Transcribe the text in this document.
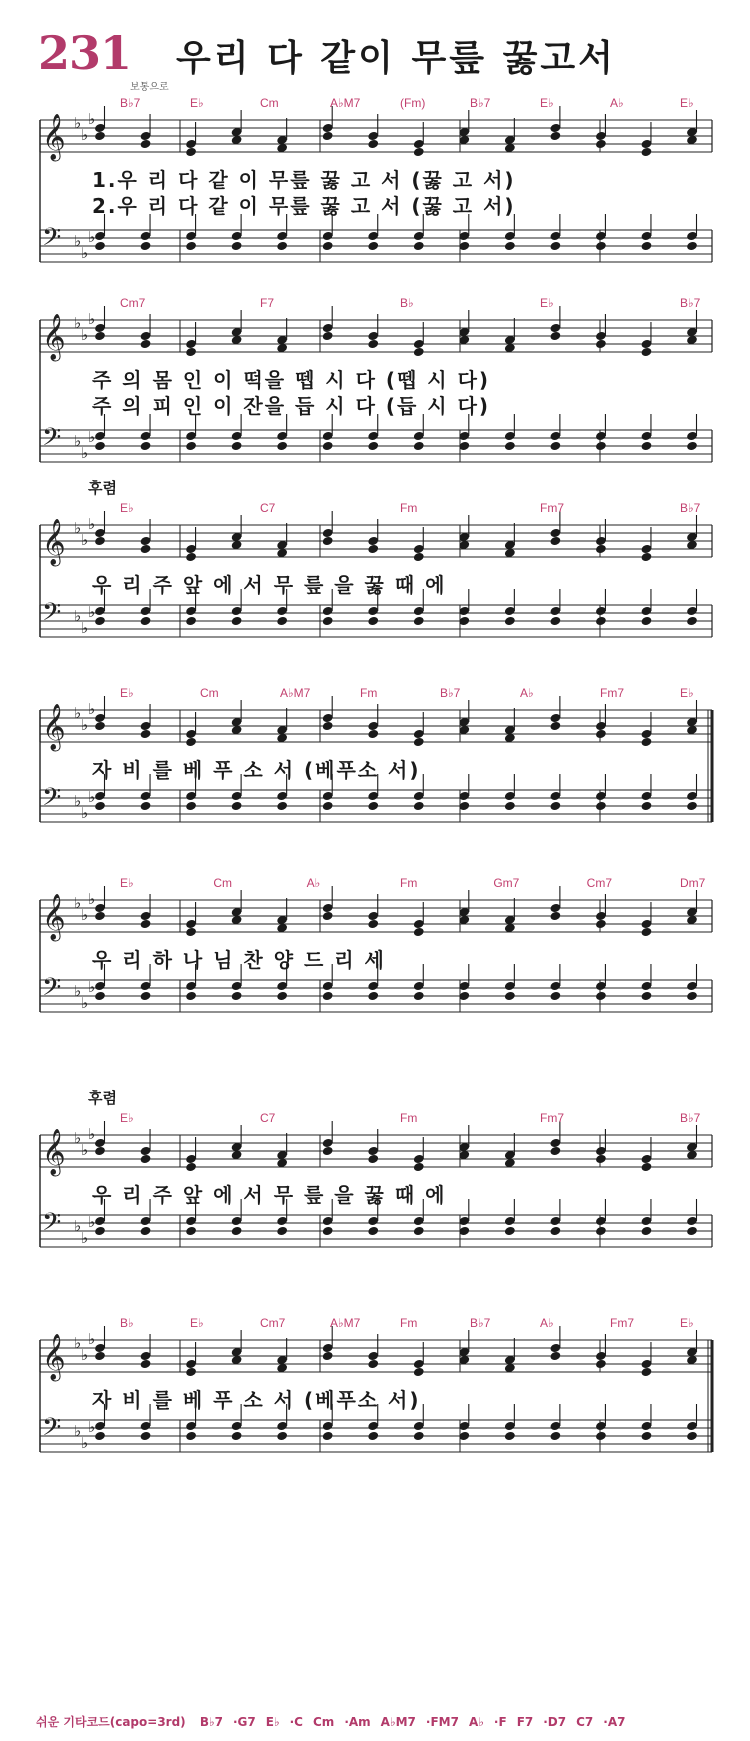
231 우리 다 같이 무릎 꿇고서
보통으로
𝄞 ♭
♭
♭
𝄢 ♭
♭
♭
B♭7	E♭	Cm	A♭M7	(Fm)	B♭7	E♭	A♭	E♭
1.우 리 다 같 이 무릎 꿇 고 서 (꿇 고 서)
2.우 리 다 같 이 무릎 꿇 고 서 (꿇 고 서)
𝄞 ♭
♭
♭
𝄢 ♭
♭
♭
Cm7	F7	B♭	E♭	B♭7
주 의 몸 인 이 떡을 뗍 시 다 (뗍 시 다)
주 의 피 인 이 잔을 듭 시 다 (듭 시 다)
𝄞 ♭
♭
♭
𝄢 ♭
♭
♭
E♭	C7	Fm	Fm7	B♭7
후렴
우 리 주 앞 에 서 무 릎 을 꿇 때 에
𝄞 ♭
♭
♭
𝄢 ♭
♭
♭
E♭	Cm	A♭M7	Fm	B♭7	A♭	Fm7	E♭
자 비 를 베 푸 소 서 (베푸소 서)
𝄞 ♭
♭
♭
𝄢 ♭
♭
♭
E♭	Cm	A♭	Fm	Gm7	Cm7	Dm7
우 리 하 나 님 찬 양 드 리 세
𝄞 ♭
♭
♭
𝄢 ♭
♭
♭
E♭	C7	Fm	Fm7	B♭7
후렴
우 리 주 앞 에 서 무 릎 을 꿇 때 에
𝄞 ♭
♭
♭
𝄢 ♭
♭
♭
B♭	E♭	Cm7	A♭M7	Fm	B♭7	A♭	Fm7	E♭
자 비 를 베 푸 소 서 (베푸소 서)
쉬운 기타코드(capo=3rd) B♭7 ·G7 E♭ ·C Cm ·Am A♭M7 ·FM7 A♭ ·F F7 ·D7 C7 ·A7
